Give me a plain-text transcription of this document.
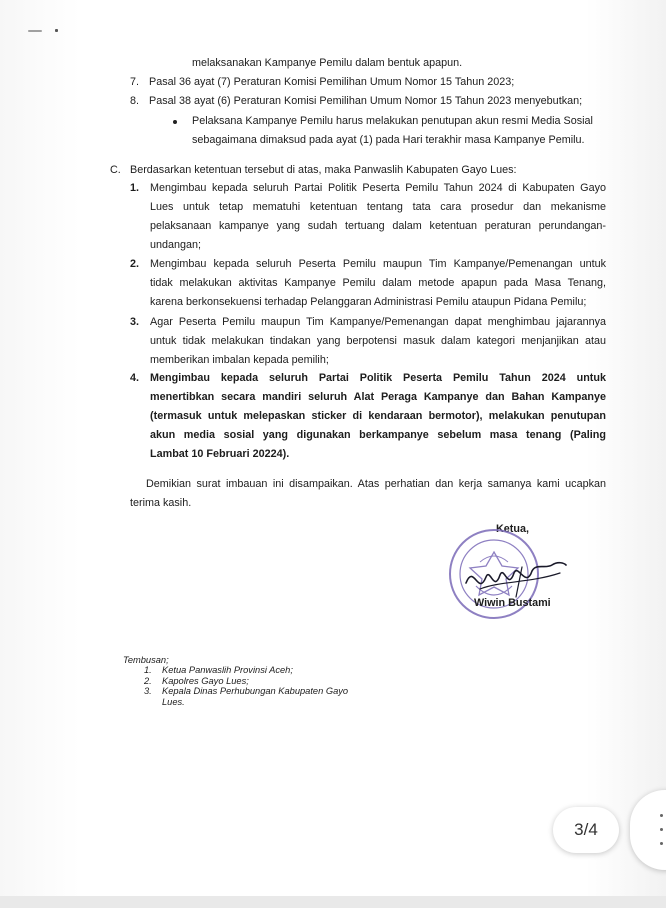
melaksanakan Kampanye Pemilu dalam bentuk apapun.
7. Pasal 36 ayat (7) Peraturan Komisi Pemilihan Umum Nomor 15 Tahun 2023;
8. Pasal 38 ayat (6) Peraturan Komisi Pemilihan Umum Nomor 15 Tahun 2023 menyebutkan;
Pelaksana Kampanye Pemilu harus melakukan penutupan akun resmi Media Sosial
sebagaimana dimaksud pada ayat (1) pada Hari terakhir masa Kampanye Pemilu.
C. Berdasarkan ketentuan tersebut di atas, maka Panwaslih Kabupaten Gayo Lues:
1. Mengimbau kepada seluruh Partai Politik Peserta Pemilu Tahun 2024 di Kabupaten Gayo
Lues untuk tetap mematuhi ketentuan tentang tata cara prosedur dan mekanisme
pelaksanaan kampanye yang sudah tertuang dalam ketentuan peraturan perundangan-
undangan;
2. Mengimbau kepada seluruh Peserta Pemilu maupun Tim Kampanye/Pemenangan untuk
tidak melakukan aktivitas Kampanye Pemilu dalam metode apapun pada Masa Tenang,
karena berkonsekuensi terhadap Pelanggaran Administrasi Pemilu ataupun Pidana Pemilu;
3. Agar Peserta Pemilu maupun Tim Kampanye/Pemenangan dapat menghimbau jajarannya
untuk tidak melakukan tindakan yang berpotensi masuk dalam kategori menjanjikan atau
memberikan imbalan kepada pemilih;
4. Mengimbau kepada seluruh Partai Politik Peserta Pemilu Tahun 2024 untuk
menertibkan secara mandiri seluruh Alat Peraga Kampanye dan Bahan Kampanye
(termasuk untuk melepaskan sticker di kendaraan bermotor), melakukan penutupan
akun media sosial yang digunakan berkampanye sebelum masa tenang (Paling
Lambat 10 Februari 20224).
Demikian surat imbauan ini disampaikan. Atas perhatian dan kerja samanya kami ucapkan
terima kasih.
Ketua,
Wiwin Bustami
Tembusan;
1. Ketua Panwaslih Provinsi Aceh;
2. Kapolres Gayo Lues;
3. Kepala Dinas Perhubungan Kabupaten Gayo
Lues.
3/4
